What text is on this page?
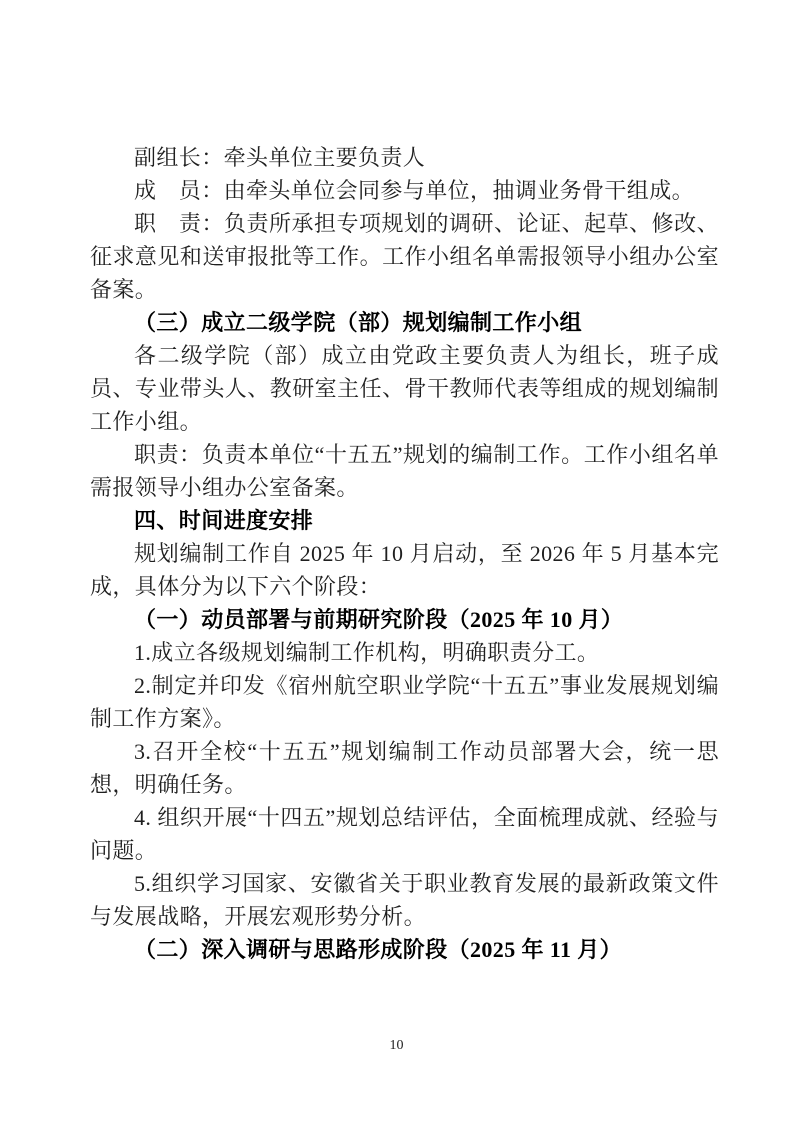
副组长：牵头单位主要负责人

成　员：由牵头单位会同参与单位，抽调业务骨干组成。

职　责：负责所承担专项规划的调研、论证、起草、修改、征求意见和送审报批等工作。工作小组名单需报领导小组办公室备案。

（三）成立二级学院（部）规划编制工作小组

各二级学院（部）成立由党政主要负责人为组长，班子成员、专业带头人、教研室主任、骨干教师代表等组成的规划编制工作小组。

职责：负责本单位“十五五”规划的编制工作。工作小组名单需报领导小组办公室备案。

四、时间进度安排

规划编制工作自 2025 年 10 月启动，至 2026 年 5 月基本完成，具体分为以下六个阶段：

（一）动员部署与前期研究阶段（2025 年 10 月）

1.成立各级规划编制工作机构，明确职责分工。

2.制定并印发《宿州航空职业学院“十五五”事业发展规划编制工作方案》。

3.召开全校“十五五”规划编制工作动员部署大会，统一思想，明确任务。

4. 组织开展“十四五”规划总结评估，全面梳理成就、经验与问题。

5.组织学习国家、安徽省关于职业教育发展的最新政策文件与发展战略，开展宏观形势分析。

（二）深入调研与思路形成阶段（2025 年 11 月）

10
